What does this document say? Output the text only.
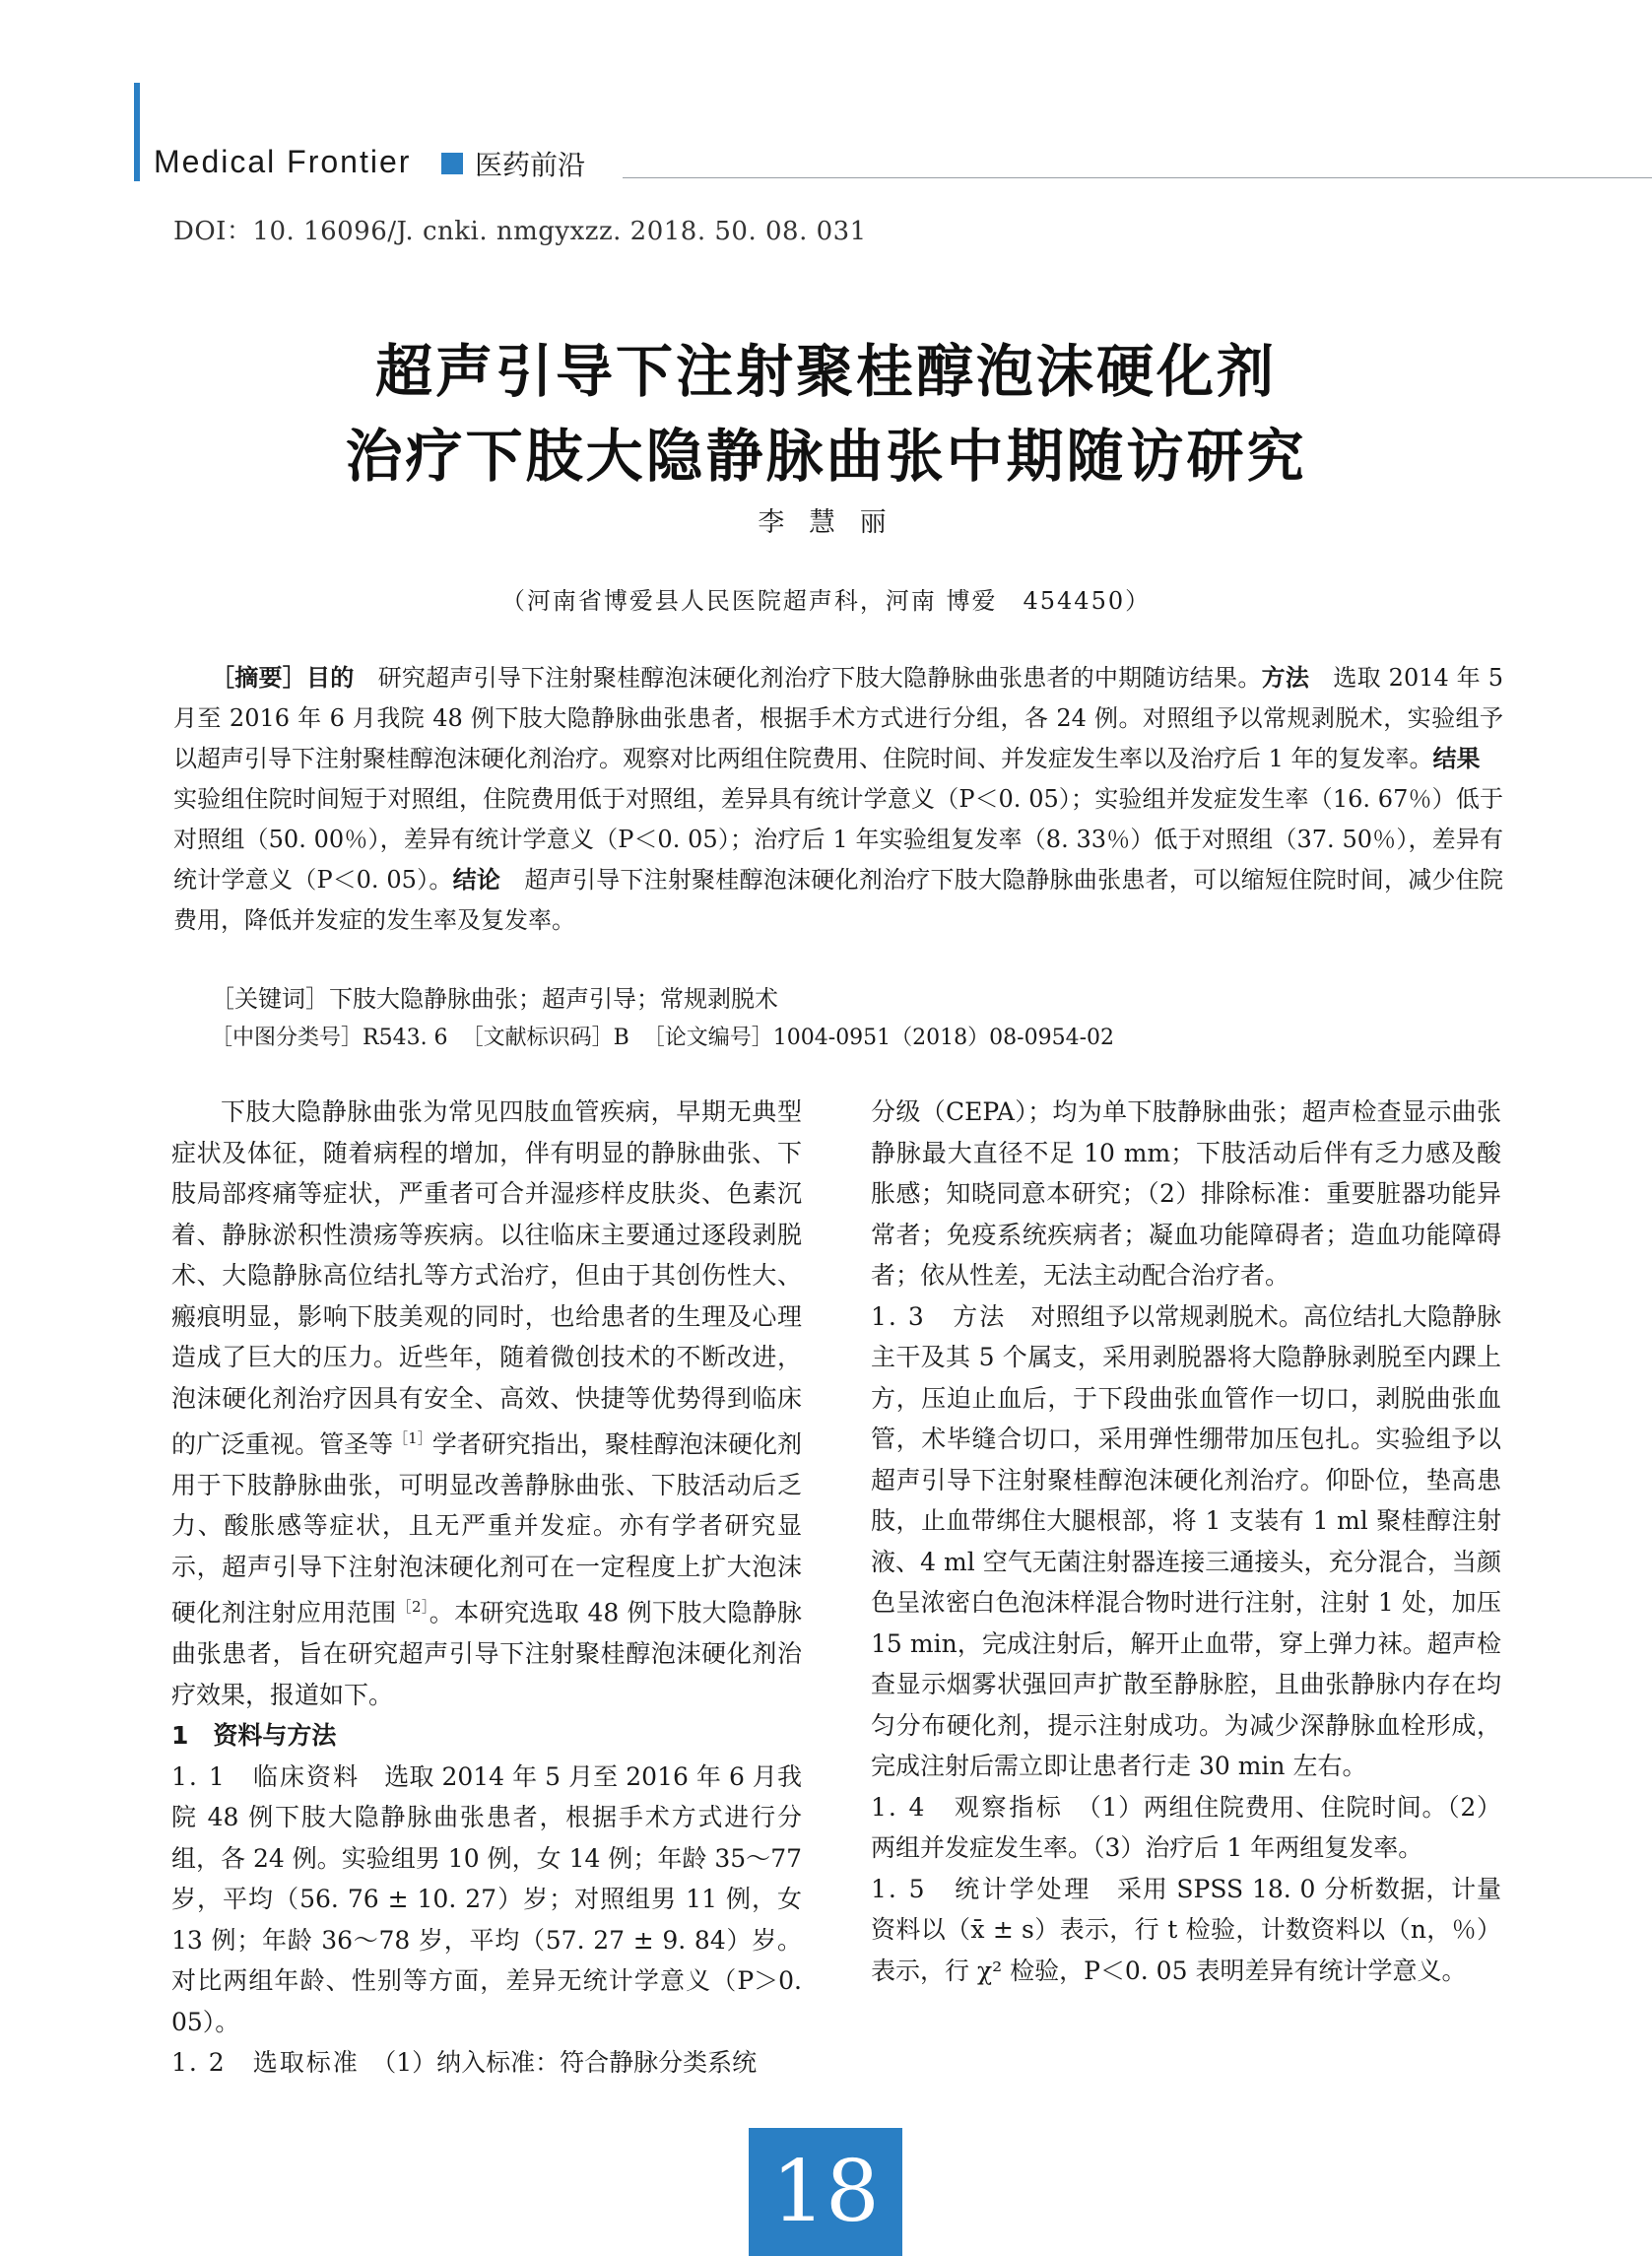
Medical Frontier 医药前沿
DOI：10. 16096/J. cnki. nmgyxzz. 2018. 50. 08. 031
超声引导下注射聚桂醇泡沫硬化剂
治疗下肢大隐静脉曲张中期随访研究
李 慧 丽
（河南省博爱县人民医院超声科，河南 博爱　454450）

［摘要］目的　研究超声引导下注射聚桂醇泡沫硬化剂治疗下肢大隐静脉曲张患者的中期随访结果。方法　选取 2014 年 5 月至 2016 年 6 月我院 48 例下肢大隐静脉曲张患者，根据手术方式进行分组，各 24 例。对照组予以常规剥脱术，实验组予以超声引导下注射聚桂醇泡沫硬化剂治疗。观察对比两组住院费用、住院时间、并发症发生率以及治疗后 1 年的复发率。结果　实验组住院时间短于对照组，住院费用低于对照组，差异具有统计学意义（P＜0. 05）；实验组并发症发生率（16. 67％）低于对照组（50. 00％），差异有统计学意义（P＜0. 05）；治疗后 1 年实验组复发率（8. 33％）低于对照组（37. 50％），差异有统计学意义（P＜0. 05）。结论　超声引导下注射聚桂醇泡沫硬化剂治疗下肢大隐静脉曲张患者，可以缩短住院时间，减少住院费用，降低并发症的发生率及复发率。

［关键词］下肢大隐静脉曲张；超声引导；常规剥脱术
［中图分类号］R543. 6 ［文献标识码］B ［论文编号］1004-0951（2018）08-0954-02

下肢大隐静脉曲张为常见四肢血管疾病，早期无典型症状及体征，随着病程的增加，伴有明显的静脉曲张、下肢局部疼痛等症状，严重者可合并湿疹样皮肤炎、色素沉着、静脉淤积性溃疡等疾病。以往临床主要通过逐段剥脱术、大隐静脉高位结扎等方式治疗，但由于其创伤性大、瘢痕明显，影响下肢美观的同时，也给患者的生理及心理造成了巨大的压力。近些年，随着微创技术的不断改进，泡沫硬化剂治疗因具有安全、高效、快捷等优势得到临床的广泛重视。管圣等$^{[1]}$学者研究指出，聚桂醇泡沫硬化剂用于下肢静脉曲张，可明显改善静脉曲张、下肢活动后乏力、酸胀感等症状，且无严重并发症。亦有学者研究显示，超声引导下注射泡沫硬化剂可在一定程度上扩大泡沫硬化剂注射应用范围$^{[2]}$。本研究选取 48 例下肢大隐静脉曲张患者，旨在研究超声引导下注射聚桂醇泡沫硬化剂治疗效果，报道如下。

1　资料与方法

1. 1　临床资料　选取 2014 年 5 月至 2016 年 6 月我院 48 例下肢大隐静脉曲张患者，根据手术方式进行分组，各 24 例。实验组男 10 例，女 14 例；年龄 35～77 岁，平均（56. 76 ± 10. 27）岁；对照组男 11 例，女 13 例；年龄 36～78 岁，平均（57. 27 ± 9. 84）岁。对比两组年龄、性别等方面，差异无统计学意义（P＞0. 05）。

1. 2　选取标准　（1）纳入标准：符合静脉分类系统

分级（CEPA）；均为单下肢静脉曲张；超声检查显示曲张静脉最大直径不足 10 mm；下肢活动后伴有乏力感及酸胀感；知晓同意本研究；（2）排除标准：重要脏器功能异常者；免疫系统疾病者；凝血功能障碍者；造血功能障碍者；依从性差，无法主动配合治疗者。

1. 3　方法　对照组予以常规剥脱术。高位结扎大隐静脉主干及其 5 个属支，采用剥脱器将大隐静脉剥脱至内踝上方，压迫止血后，于下段曲张血管作一切口，剥脱曲张血管，术毕缝合切口，采用弹性绷带加压包扎。实验组予以超声引导下注射聚桂醇泡沫硬化剂治疗。仰卧位，垫高患肢，止血带绑住大腿根部，将 1 支装有 1 ml 聚桂醇注射液、4 ml 空气无菌注射器连接三通接头，充分混合，当颜色呈浓密白色泡沫样混合物时进行注射，注射 1 处，加压 15 min，完成注射后，解开止血带，穿上弹力袜。超声检查显示烟雾状强回声扩散至静脉腔，且曲张静脉内存在均匀分布硬化剂，提示注射成功。为减少深静脉血栓形成，完成注射后需立即让患者行走 30 min 左右。

1. 4　观察指标　（1）两组住院费用、住院时间。（2）两组并发症发生率。（3）治疗后 1 年两组复发率。

1. 5　统计学处理　采用 SPSS 18. 0 分析数据，计量资料以（x̄ ± s）表示，行 t 检验，计数资料以（n，％）表示，行 χ² 检验，P＜0. 05 表明差异有统计学意义。

18
